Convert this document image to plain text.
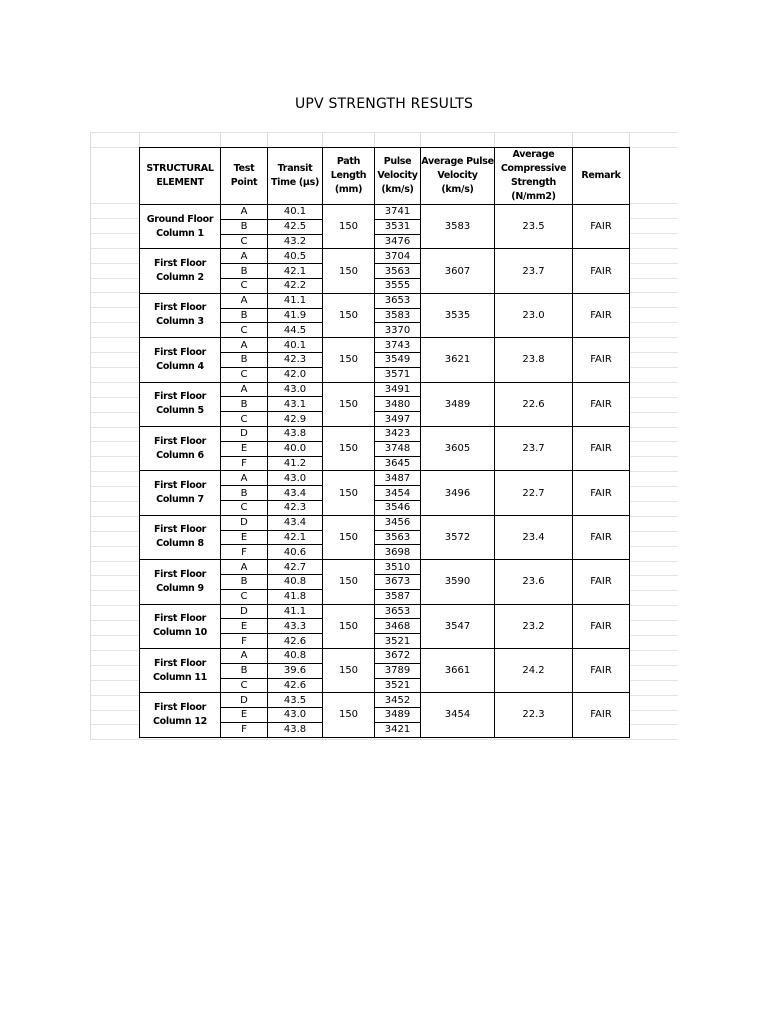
UPV STRENGTH RESULTS
STRUCTURAL ELEMENT	Test Point	Transit Time (µs)	Path Length (mm)	Pulse Velocity (km/s)	Average Pulse Velocity (km/s)	Average Compressive Strength (N/mm2)	Remark
Ground Floor Column 1	A	40.1	150	3741	3583	23.5	FAIR
	B	42.5		3531			
	C	43.2		3476			
First Floor Column 2	A	40.5	150	3704	3607	23.7	FAIR
	B	42.1		3563			
	C	42.2		3555			
First Floor Column 3	A	41.1	150	3653	3535	23.0	FAIR
	B	41.9		3583			
	C	44.5		3370			
First Floor Column 4	A	40.1	150	3743	3621	23.8	FAIR
	B	42.3		3549			
	C	42.0		3571			
First Floor Column 5	A	43.0	150	3491	3489	22.6	FAIR
	B	43.1		3480			
	C	42.9		3497			
First Floor Column 6	D	43.8	150	3423	3605	23.7	FAIR
	E	40.0		3748			
	F	41.2		3645			
First Floor Column 7	A	43.0	150	3487	3496	22.7	FAIR
	B	43.4		3454			
	C	42.3		3546			
First Floor Column 8	D	43.4	150	3456	3572	23.4	FAIR
	E	42.1		3563			
	F	40.6		3698			
First Floor Column 9	A	42.7	150	3510	3590	23.6	FAIR
	B	40.8		3673			
	C	41.8		3587			
First Floor Column 10	D	41.1	150	3653	3547	23.2	FAIR
	E	43.3		3468			
	F	42.6		3521			
First Floor Column 11	A	40.8	150	3672	3661	24.2	FAIR
	B	39.6		3789			
	C	42.6		3521			
First Floor Column 12	D	43.5	150	3452	3454	22.3	FAIR
	E	43.0		3489			
	F	43.8		3421			
